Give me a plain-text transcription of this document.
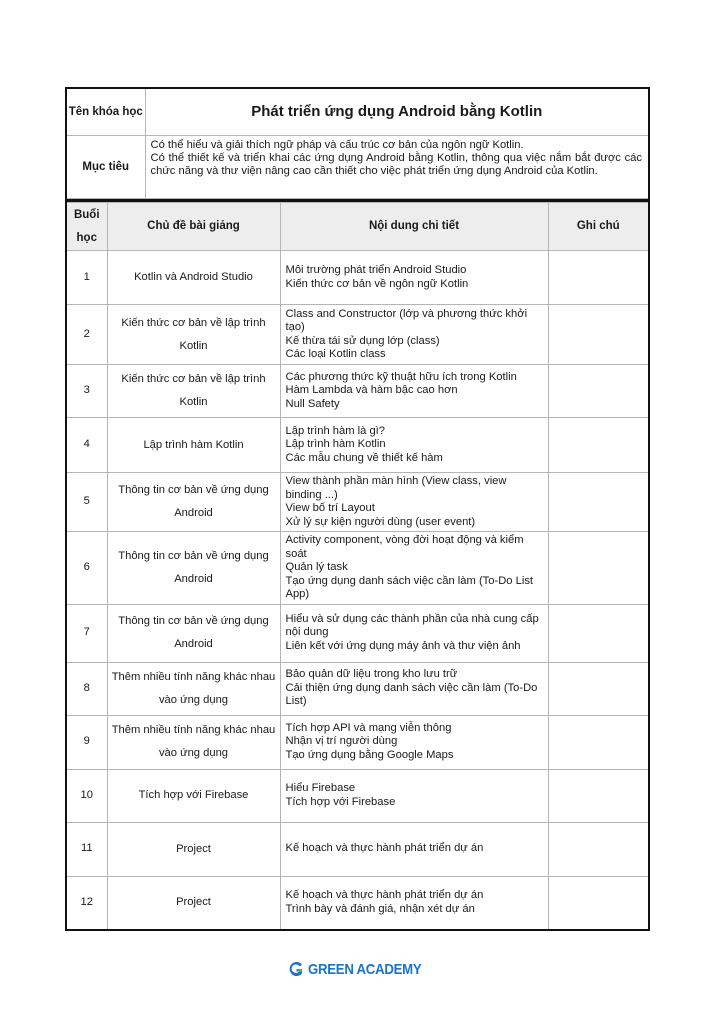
Tên khóa học	Phát triển ứng dụng Android bằng Kotlin
Mục tiêu	Có thể hiểu và giải thích ngữ pháp và cấu trúc cơ bản của ngôn ngữ Kotlin.
Có thể thiết kế và triển khai các ứng dụng Android bằng Kotlin, thông qua việc nắm bắt được các chức năng và thư viện nâng cao cần thiết cho việc phát triển ứng dụng Android của Kotlin.
Buổi học	Chủ đề bài giảng	Nội dung chi tiết	Ghi chú
1	Kotlin và Android Studio	Môi trường phát triển Android Studio
Kiến thức cơ bản về ngôn ngữ Kotlin	

2	Kiến thức cơ bản về lập trình Kotlin	Class and Constructor (lớp và phương thức khởi tạo)
Kế thừa tái sử dụng lớp (class)
Các loại Kotlin class	

3	Kiến thức cơ bản về lập trình Kotlin	Các phương thức kỹ thuật hữu ích trong Kotlin
Hàm Lambda và hàm bậc cao hơn
Null Safety	

4	Lập trình hàm Kotlin	Lập trình hàm là gì?
Lập trình hàm Kotlin
Các mẫu chung về thiết kế hàm	

5	Thông tin cơ bản về ứng dụng Android	View thành phần màn hình (View class, view binding ...)
View bố trí Layout
Xử lý sự kiện người dùng (user event)	

6	Thông tin cơ bản về ứng dụng Android	Activity component, vòng đời hoạt động và kiểm soát
Quản lý task
Tạo ứng dụng danh sách việc cần làm (To-Do List App)	

7	Thông tin cơ bản về ứng dụng Android	Hiểu và sử dụng các thành phần của nhà cung cấp nội dung
Liên kết với ứng dụng máy ảnh và thư viện ảnh	

8	Thêm nhiều tính năng khác nhau vào ứng dụng	Bảo quản dữ liệu trong kho lưu trữ
Cải thiện ứng dụng danh sách việc cần làm (To-Do List)	

9	Thêm nhiều tính năng khác nhau vào ứng dụng	Tích hợp API và mạng viễn thông
Nhận vị trí người dùng
Tạo ứng dụng bằng Google Maps	

10	Tích hợp với Firebase	Hiểu Firebase
Tích hợp với Firebase	

11	Project	Kế hoạch và thực hành phát triển dự án	

12	Project	Kế hoạch và thực hành phát triển dự án
Trình bày và đánh giá, nhận xét dự án	

GREEN ACADEMY
